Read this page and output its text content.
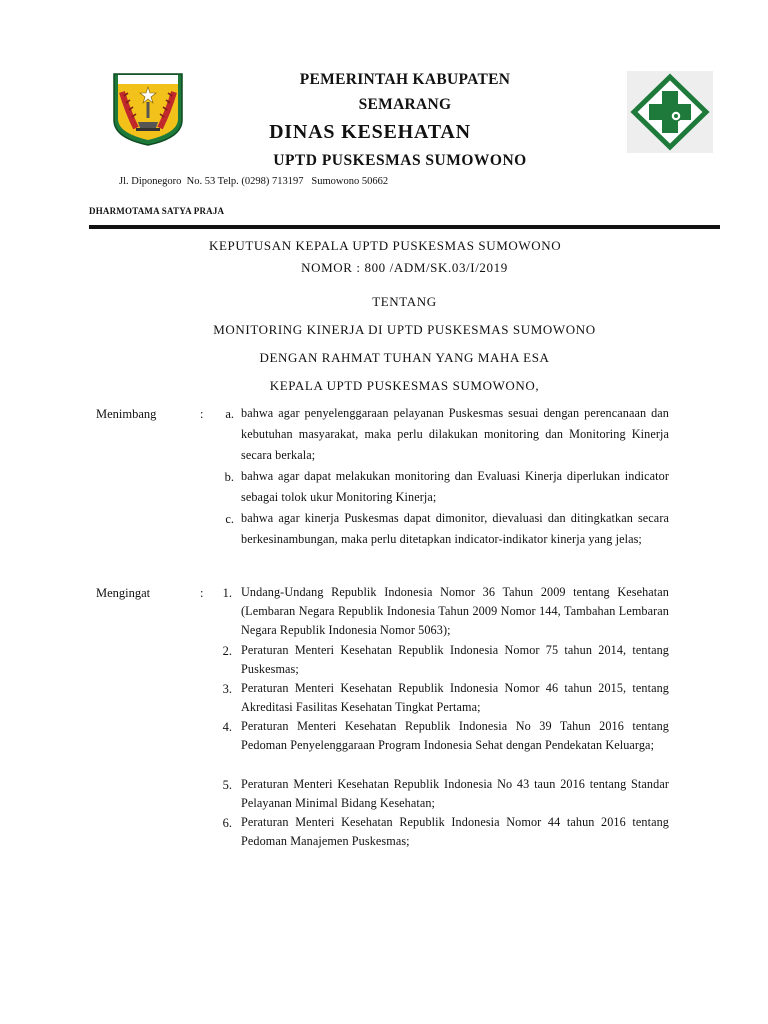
PEMERINTAH KABUPATEN
SEMARANG
DINAS KESEHATAN
UPTD PUSKESMAS SUMOWONO
Jl. Diponegoro  No. 53 Telp. (0298) 713197   Sumowono 50662
DHARMOTAMA SATYA PRAJA
KEPUTUSAN KEPALA UPTD PUSKESMAS SUMOWONO
NOMOR : 800 /ADM/SK.03/I/2019
TENTANG
MONITORING KINERJA DI UPTD PUSKESMAS SUMOWONO
DENGAN RAHMAT TUHAN YANG MAHA ESA
KEPALA UPTD PUSKESMAS SUMOWONO,
Menimbang	:	a. bahwa agar penyelenggaraan pelayanan Puskesmas sesuai dengan perencanaan dan kebutuhan masyarakat, maka perlu dilakukan monitoring dan Monitoring Kinerja secara berkala;
b. bahwa agar dapat melakukan monitoring dan Evaluasi Kinerja diperlukan indicator sebagai tolok ukur Monitoring Kinerja;
c. bahwa agar kinerja Puskesmas dapat dimonitor, dievaluasi dan ditingkatkan secara berkesinambungan, maka perlu ditetapkan indicator-indikator kinerja yang jelas;
Mengingat	:	1. Undang-Undang Republik Indonesia Nomor 36 Tahun 2009 tentang Kesehatan (Lembaran Negara Republik Indonesia Tahun 2009 Nomor 144, Tambahan Lembaran Negara Republik Indonesia Nomor 5063);
2. Peraturan Menteri Kesehatan Republik Indonesia Nomor 75 tahun 2014, tentang Puskesmas;
3. Peraturan Menteri Kesehatan Republik Indonesia Nomor 46 tahun 2015, tentang Akreditasi Fasilitas Kesehatan Tingkat Pertama;
4. Peraturan Menteri Kesehatan Republik Indonesia No 39 Tahun 2016 tentang Pedoman Penyelenggaraan Program Indonesia Sehat dengan Pendekatan Keluarga;
5. Peraturan Menteri Kesehatan Republik Indonesia No 43 taun 2016 tentang Standar Pelayanan Minimal Bidang Kesehatan;
6. Peraturan Menteri Kesehatan Republik Indonesia Nomor 44 tahun 2016 tentang Pedoman Manajemen Puskesmas;
